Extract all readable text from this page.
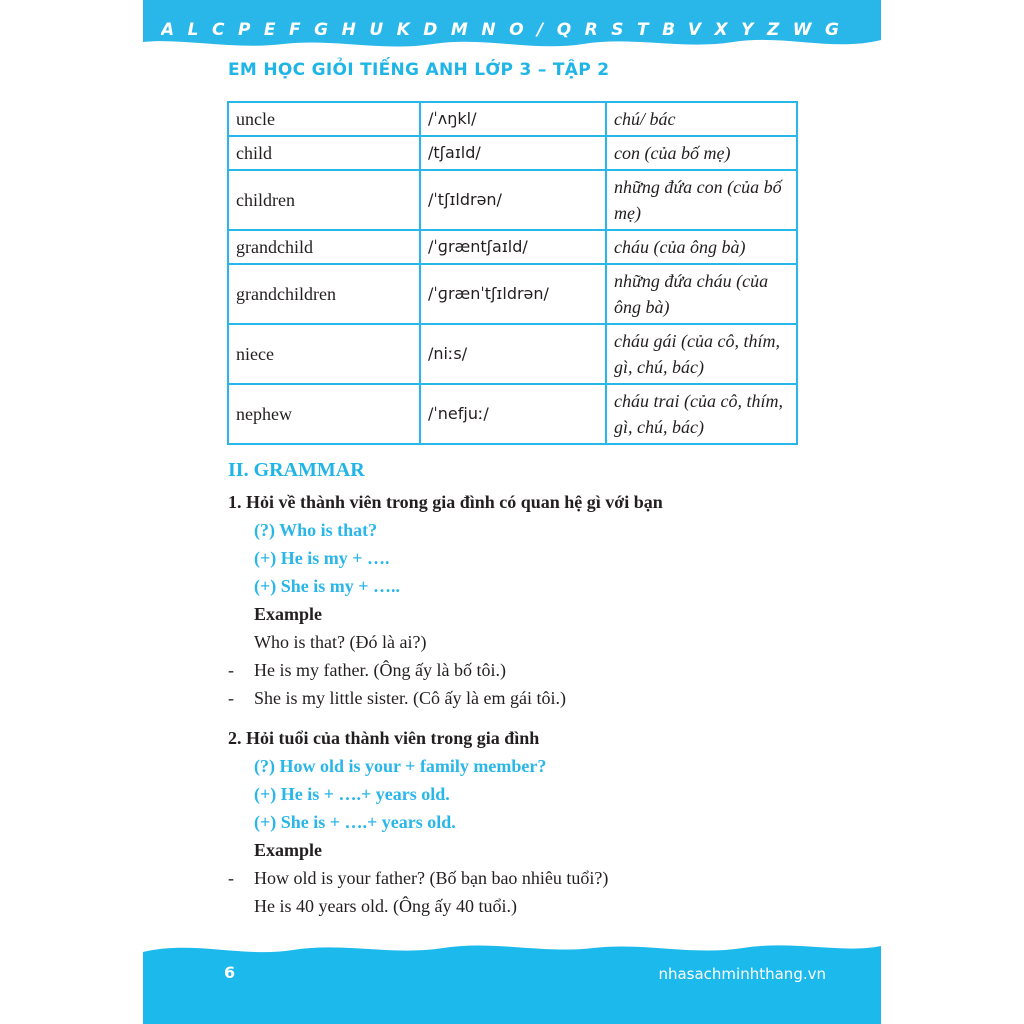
ALCPEFGHUKDMNO/QRSTBVXYZWG
EM HỌC GIỎI TIẾNG ANH LỚP 3 – TẬP 2
uncle	/ˈʌŋkl/	chú/ bác
child	/tʃaɪld/	con (của bố mẹ)
children	/ˈtʃɪldrən/	những đứa con (của bố mẹ)
grandchild	/ˈɡræntʃaɪld/	cháu (của ông bà)
grandchildren	/ˈɡrænˈtʃɪldrən/	những đứa cháu (của ông bà)
niece	/niːs/	cháu gái (của cô, thím, gì, chú, bác)
nephew	/ˈnefjuː/	cháu trai (của cô, thím, gì, chú, bác)
II. GRAMMAR
1. Hỏi về thành viên trong gia đình có quan hệ gì với bạn
(?) Who is that?
(+) He is my + ….
(+) She is my + …..
Example
Who is that? (Đó là ai?)
- He is my father. (Ông ấy là bố tôi.)
- She is my little sister. (Cô ấy là em gái tôi.)
2. Hỏi tuổi của thành viên trong gia đình
(?) How old is your + family member?
(+) He is + ….+ years old.
(+) She is + ….+ years old.
Example
- How old is your father? (Bố bạn bao nhiêu tuổi?)
He is 40 years old. (Ông ấy 40 tuổi.)
6	nhasachminhthang.vn
